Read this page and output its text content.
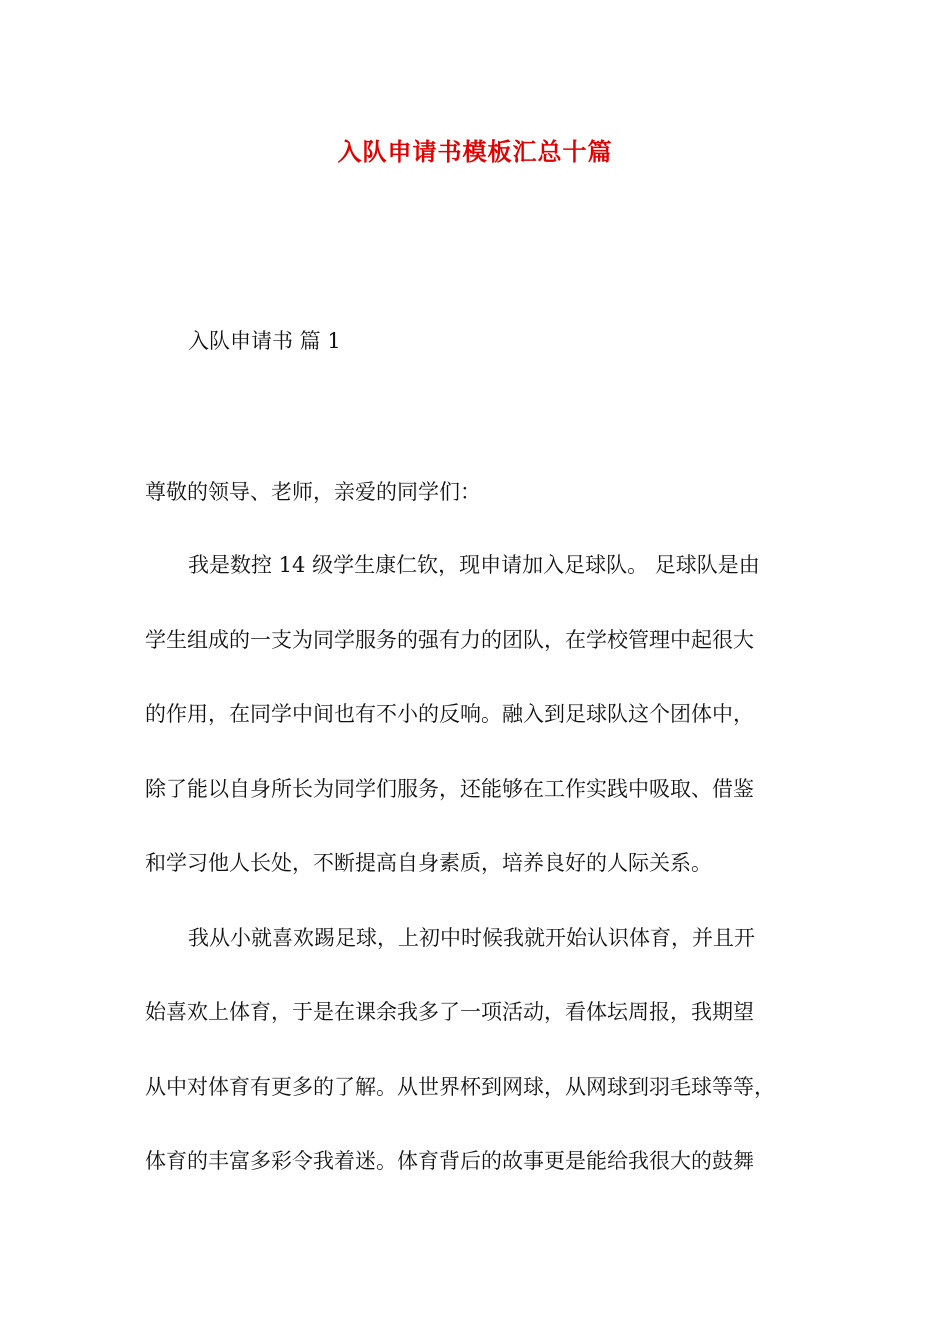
入队申请书模板汇总十篇
入队申请书 篇 1
尊敬的领导、老师，亲爱的同学们：
我是数控 14 级学生康仁钦，现申请加入足球队。 足球队是由
学生组成的一支为同学服务的强有力的团队，在学校管理中起很大
的作用，在同学中间也有不小的反响。融入到足球队这个团体中，
除了能以自身所长为同学们服务，还能够在工作实践中吸取、借鉴
和学习他人长处，不断提高自身素质，培养良好的人际关系。
我从小就喜欢踢足球，上初中时候我就开始认识体育，并且开
始喜欢上体育，于是在课余我多了一项活动，看体坛周报，我期望
从中对体育有更多的了解。从世界杯到网球，从网球到羽毛球等等，
体育的丰富多彩令我着迷。体育背后的故事更是能给我很大的鼓舞
